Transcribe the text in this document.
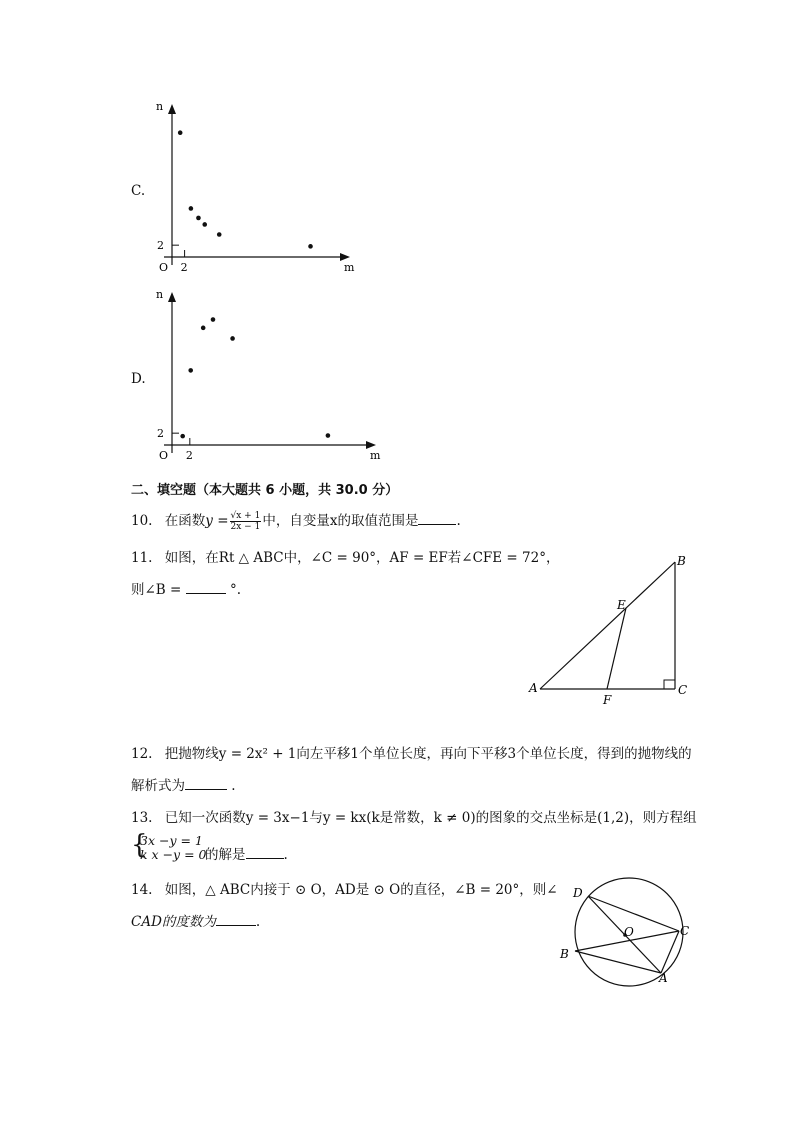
C.
2
2
O
n
m
D.
2
2
O
n
m
二、填空题（本大题共 6 小题，共 30.0 分）
10. 在函数$y = \frac{√x + 1}{2x - 1}$ 中，自变量x的取值范围是	.
11. 如图，在Rt △ ABC中，∠C = 90°，AF = EF若∠CFE = 72°，
则∠B =	°.
A
B
C
E
F
12. 把抛物线y = 2x² + 1向左平移1个单位长度，再向下平移3个单位长度，得到的抛物线的
解析式为	.
13. 已知一次函数y = 3x−1与y = kx(k是常数，k ≠ 0)的图象的交点坐标是(1,2)，则方程组
{
3x −y = 1
k x −y = 0
的解是	.
14. 如图，△ ABC内接于 ⊙ O，AD是 ⊙ O的直径，∠B = 20°，则∠
CAD的度数为	.
D
O	C
B
A
